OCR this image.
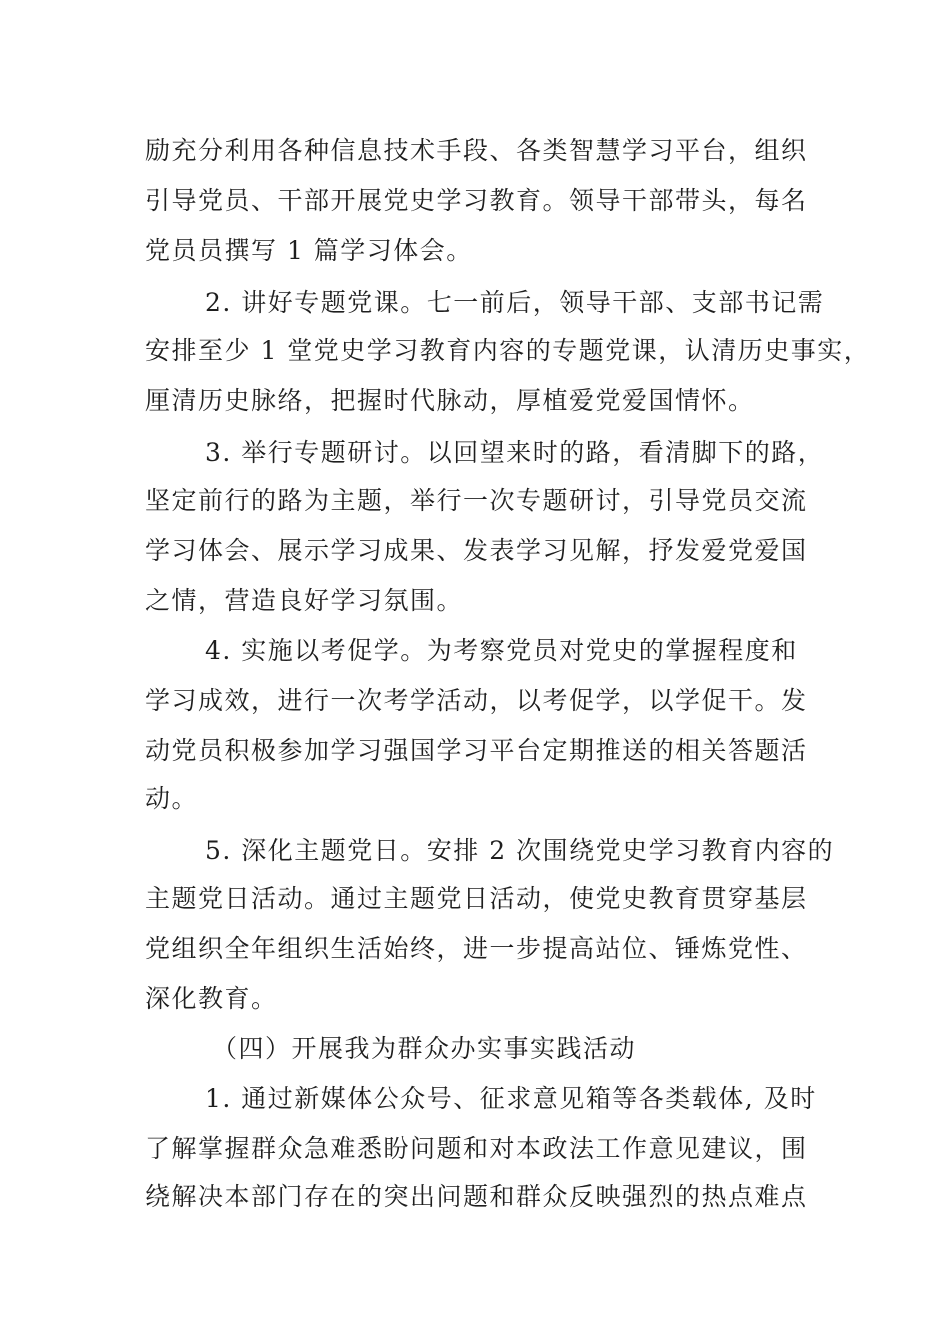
励充分利用各种信息技术手段、各类智慧学习平台，组织
引导党员、干部开展党史学习教育。领导干部带头，每名
党员员撰写 1 篇学习体会。
2. 讲好专题党课。七一前后，领导干部、支部书记需
安排至少 1 堂党史学习教育内容的专题党课，认清历史事实，
厘清历史脉络，把握时代脉动，厚植爱党爱国情怀。
3. 举行专题研讨。以回望来时的路，看清脚下的路，
坚定前行的路为主题，举行一次专题研讨，引导党员交流
学习体会、展示学习成果、发表学习见解，抒发爱党爱国
之情，营造良好学习氛围。
4. 实施以考促学。为考察党员对党史的掌握程度和
学习成效，进行一次考学活动，以考促学，以学促干。发
动党员积极参加学习强国学习平台定期推送的相关答题活
动。
5. 深化主题党日。安排 2 次围绕党史学习教育内容的
主题党日活动。通过主题党日活动，使党史教育贯穿基层
党组织全年组织生活始终，进一步提高站位、锤炼党性、
深化教育。
（四）开展我为群众办实事实践活动
1. 通过新媒体公众号、征求意见箱等各类载体, 及时
了解掌握群众急难悉盼问题和对本政法工作意见建议，围
绕解决本部门存在的突出问题和群众反映强烈的热点难点
